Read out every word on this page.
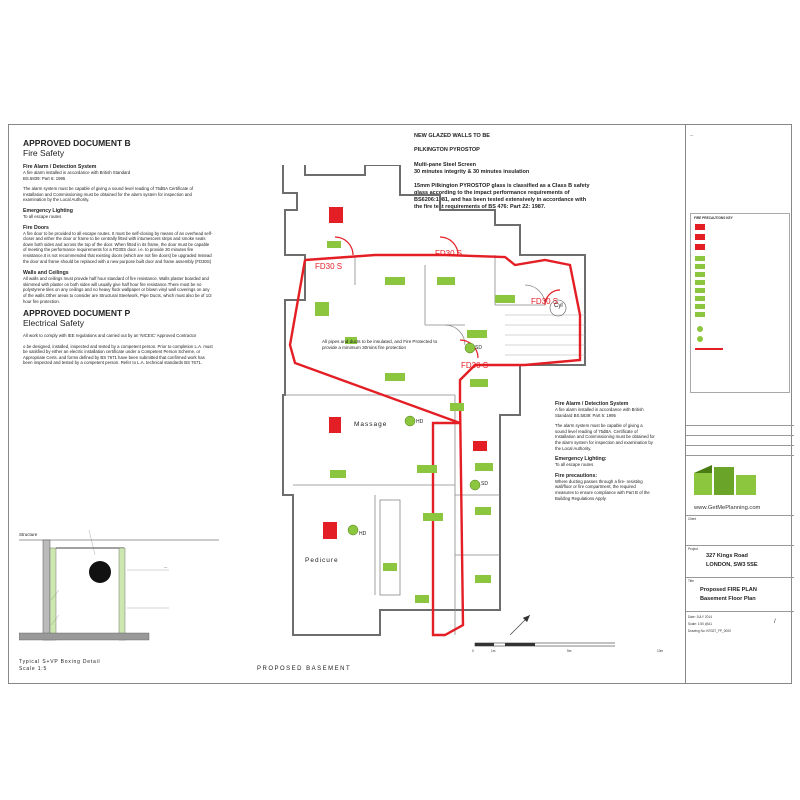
APPROVED DOCUMENT B
Fire Safety
Fire Alarm / Detection System
A fire alarm installed in accordance with British Standard
BS.5839: Part 6: 1995
The alarm system must be capable of giving a sound level reading of 75dBA Certificate of Installation and Commissioning must be obtained for the alarm system for inspection and examination by the Local Authority.
Emergency Lighting
To all escape routes
Fire Doors
A fire door to be provided to all escape routes. It must be self-closing by means of an overhead self-closer and either the door or frame to be centrally fitted with intumescent strips and smoke seals down both sides and across the top of the door. When fitted in its frame, the door must be capable of meeting the performance requirements for a FD30S door. i.e. to provide 30 minutes fire resistance.It is not recommended that existing doors (which are not fire doors) be upgraded Instead the door and frame should be replaced with a new purpose built door and frame assembly (FD30S)
Walls and Ceilings
All walls and ceilings must provide half hour standard of fire resistance. Walls plaster boarded and skimmed with plaster on both sides will usually give half hour fire resistance.There must be no polystyrene tiles on any ceilings and no heavy flock wallpaper or blown vinyl wall coverings on any of the walls.Other areas to consider are Structural Steelwork, Pipe Ducts, which must also be of 1/2 hour fire protection.
APPROVED DOCUMENT P
Electrical Safety
All work to comply with IEE regulations and carried out by an 'NICEIC' Approved Contractor
o be designed, installed, inspected and tested by a competent person. Prior to completion L.A. must be satisfied by either an electric installation certificate under a Competent Person Scheme, or Appropriate Certs. and forms defined by BS 7671 have been submitted that confirmed work has been inspected and tested by a competent person. Refer to L.A. technical standards BS 7671.
Structure
—
Typical S+VP Boxing Detail
Scale 1:5
NEW GLAZED WALLS TO BE
PILKINGTON PYROSTOP
Multi-pane Steel Screen
30 minutes integrity & 30 minutes insulation
15mm Pilkington PYROSTOP glass is classified as a Class B safety glass according to the impact performance requirements of BS6206:1981, and has been tested extensively in accordance with the fire test requirements of BS 476: Part 22: 1987.
FD30 S
FD30 S
FD30 S
FD30 S
Cyl
All pipes and ducts to be insulated, and Fire Protected to provide a minimum 30mins fire protection	SD
SD
HD
HD
Massage
Pedicure
PROPOSED BASEMENT
0	1m	5m	10m
Fire Alarm / Detection System
A fire alarm installed in accordance with British Standard BS.5839: Part 6: 1995
The alarm system must be capable of giving a sound level reading of 75dBA. Certificate of Installation and Commissioning must be obtained for the alarm system for inspection and examination by the Local Authority.
Emergency Lighting:
To all escape routes
Fire precautions:
Where ducting passes through a fire- resisting wall/floor or fire compartment, the required measures to ensure compliance with Part B of the Building Regulations Apply
—
FIRE PRECAUTIONS KEY
www.GetMePlanning.com
Client
Project
327 Kings Road
LONDON, SW3 5SE
Title
Proposed FIRE PLAN
Basement Floor Plan
Date: JULY 2014
Scale: 1:50 @A1
Drawing No: KR327_FP_0000
/
